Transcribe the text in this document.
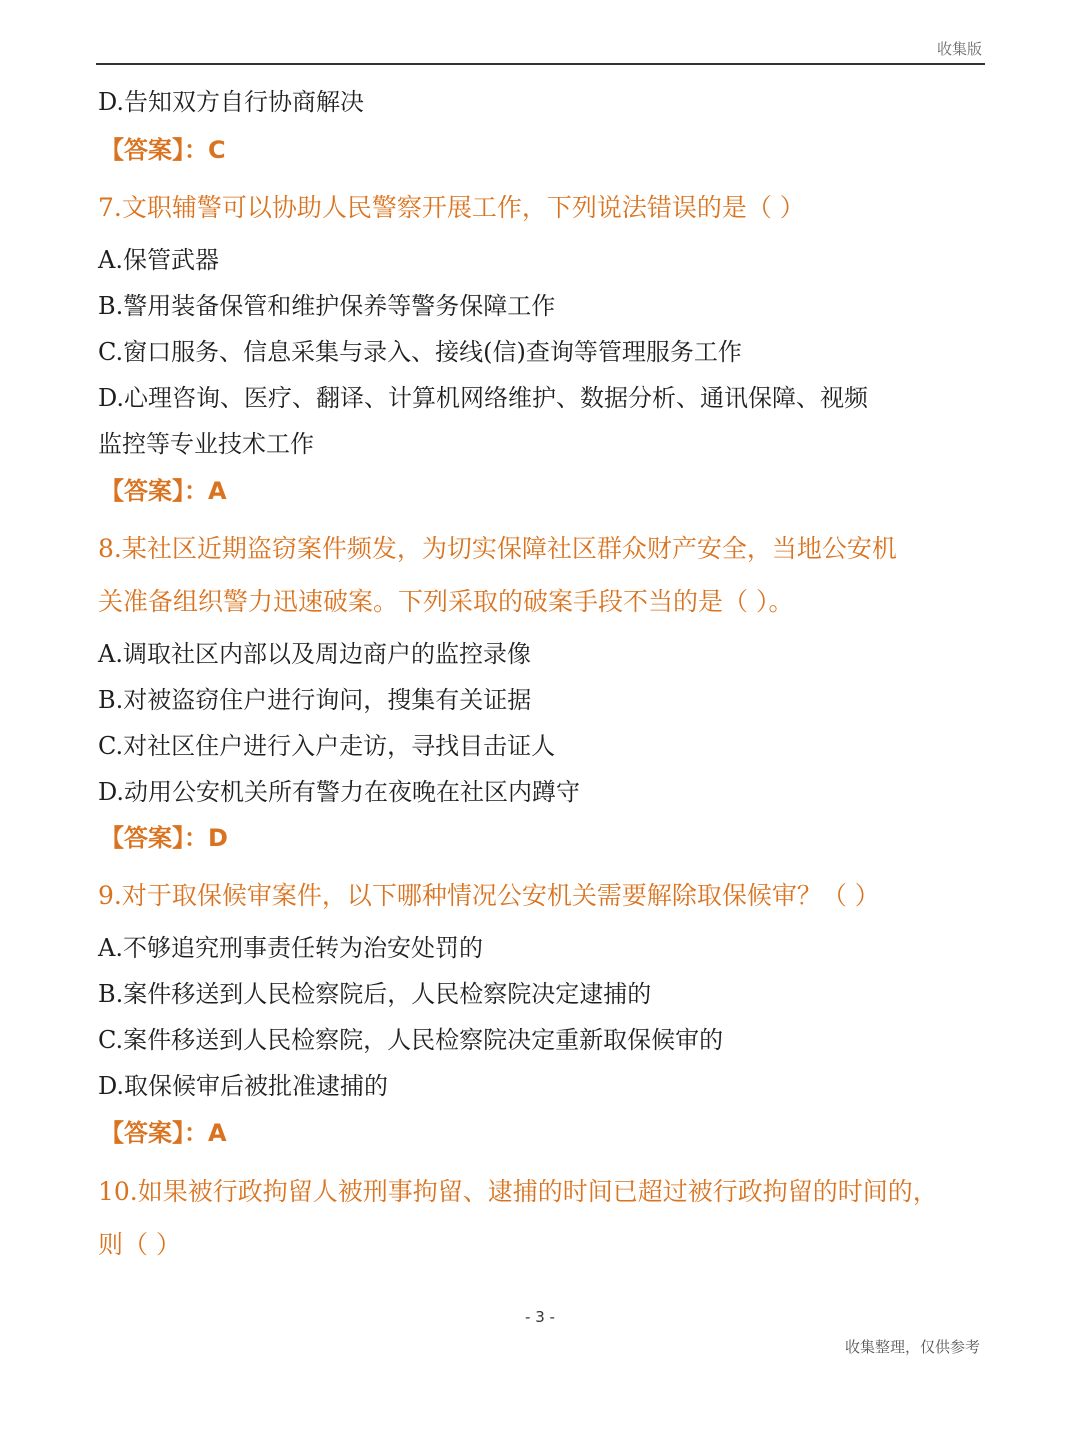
收集版
D.告知双方自行协商解决
【答案】：C
7.文职辅警可以协助人民警察开展工作，下列说法错误的是（ ）
A.保管武器
B.警用装备保管和维护保养等警务保障工作
C.窗口服务、信息采集与录入、接线(信)查询等管理服务工作
D.心理咨询、医疗、翻译、计算机网络维护、数据分析、通讯保障、视频
监控等专业技术工作
【答案】：A
8.某社区近期盗窃案件频发，为切实保障社区群众财产安全，当地公安机
关准备组织警力迅速破案。下列采取的破案手段不当的是（ ）。
A.调取社区内部以及周边商户的监控录像
B.对被盗窃住户进行询问，搜集有关证据
C.对社区住户进行入户走访，寻找目击证人
D.动用公安机关所有警力在夜晚在社区内蹲守
【答案】：D
9.对于取保候审案件，以下哪种情况公安机关需要解除取保候审？（ ）
A.不够追究刑事责任转为治安处罚的
B.案件移送到人民检察院后，人民检察院决定逮捕的
C.案件移送到人民检察院，人民检察院决定重新取保候审的
D.取保候审后被批准逮捕的
【答案】：A
10.如果被行政拘留人被刑事拘留、逮捕的时间已超过被行政拘留的时间的，
则（ ）
- 3 -
收集整理，仅供参考
